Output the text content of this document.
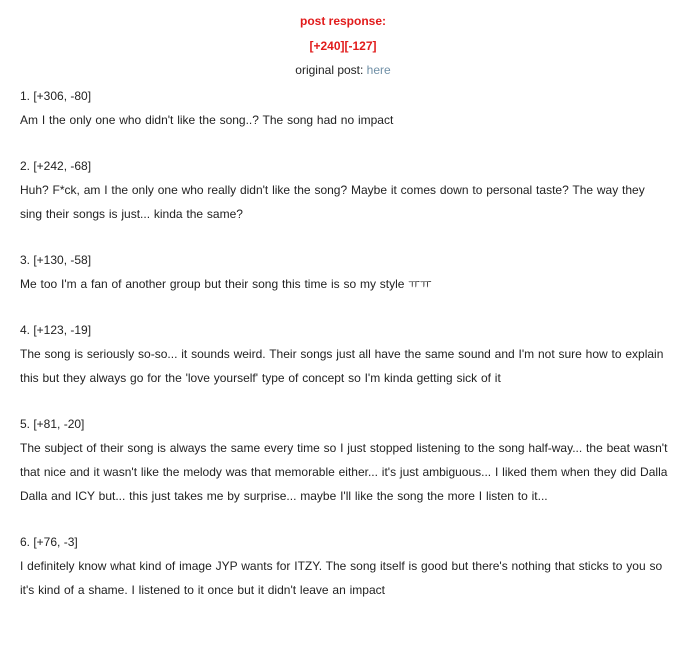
post response:
[+240][-127]
original post: here
1. [+306, -80]
Am I the only one who didn't like the song..? The song had no impact
2. [+242, -68]
Huh? F*ck, am I the only one who really didn't like the song? Maybe it comes down to personal taste? The way they sing their songs is just... kinda the same?
3. [+130, -58]
Me too I'm a fan of another group but their song this time is so my style ㅠㅠ
4. [+123, -19]
The song is seriously so-so... it sounds weird. Their songs just all have the same sound and I'm not sure how to explain this but they always go for the 'love yourself' type of concept so I'm kinda getting sick of it
5. [+81, -20]
The subject of their song is always the same every time so I just stopped listening to the song half-way... the beat wasn't that nice and it wasn't like the melody was that memorable either... it's just ambiguous... I liked them when they did Dalla Dalla and ICY but... this just takes me by surprise... maybe I'll like the song the more I listen to it...
6. [+76, -3]
I definitely know what kind of image JYP wants for ITZY. The song itself is good but there's nothing that sticks to you so it's kind of a shame. I listened to it once but it didn't leave an impact
